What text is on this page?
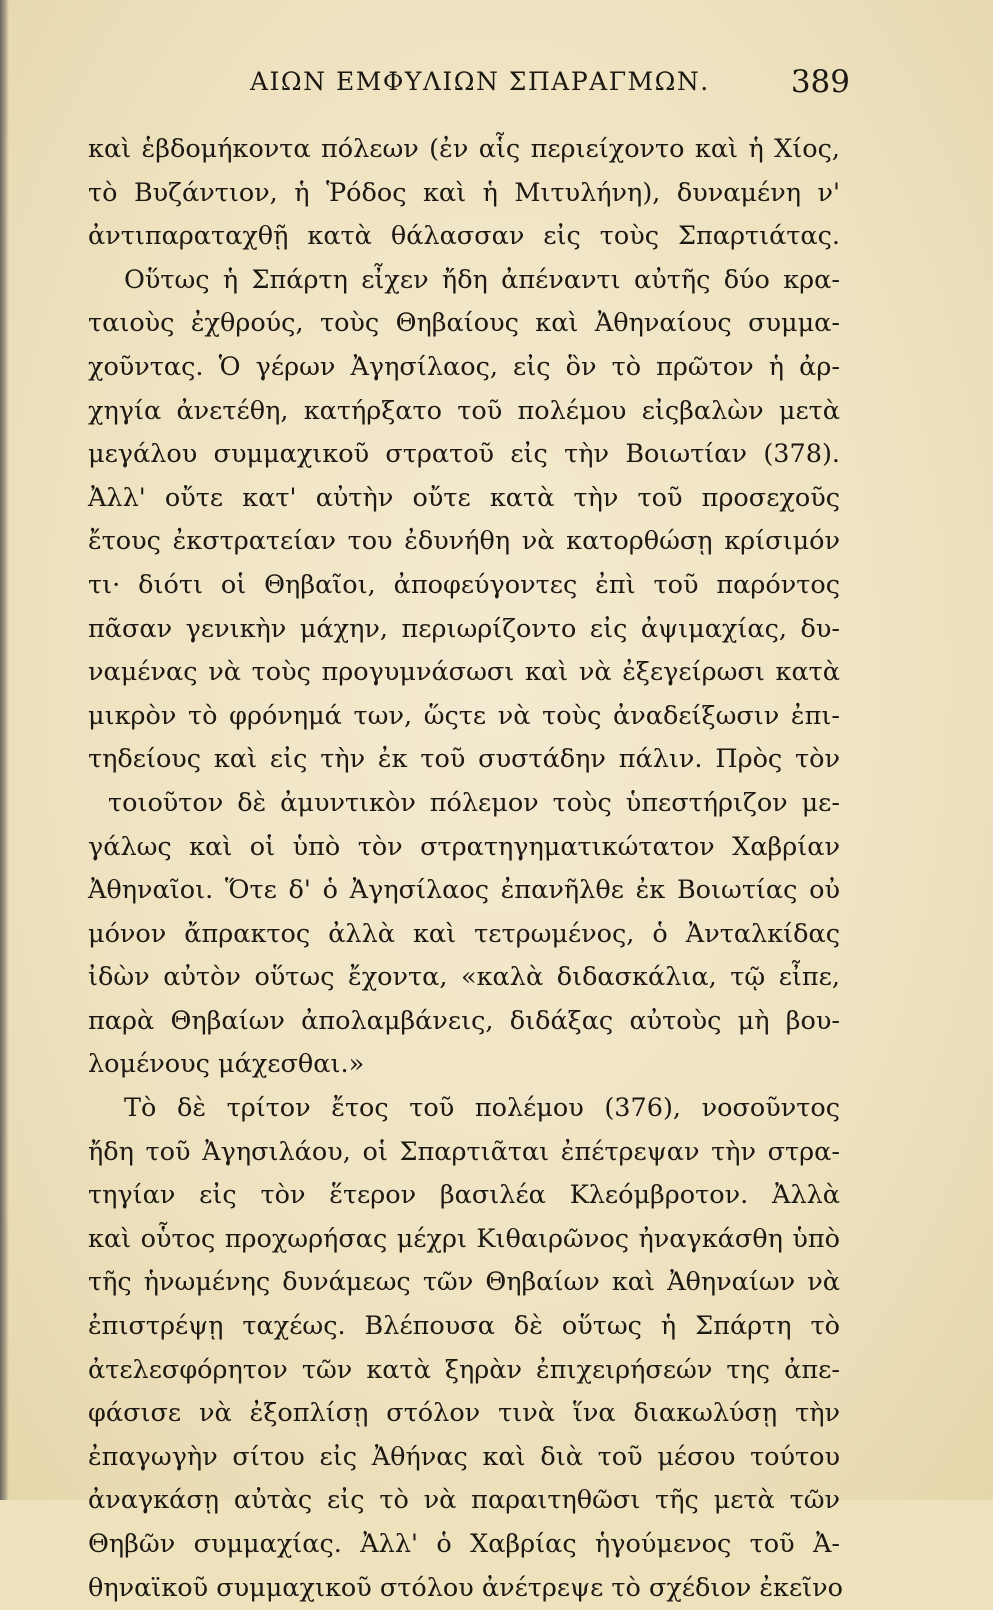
ΑΙΩΝ ΕΜΦΥΛΙΩΝ ΣΠΑΡΑΓΜΩΝ.	389
καὶ ἑβδομήκοντα πόλεων (ἐν αἷς περιείχοντο καὶ ἡ Χίος,
τὸ Βυζάντιον, ἡ Ῥόδος καὶ ἡ Μιτυλήνη), δυναμένη ν'
ἀντιπαραταχθῇ κατὰ θάλασσαν εἰς τοὺς Σπαρτιάτας.
Οὕτως ἡ Σπάρτη εἶχεν ἤδη ἀπέναντι αὐτῆς δύο κρα-
ταιοὺς ἐχθρούς, τοὺς Θηβαίους καὶ Ἀθηναίους συμμα-
χοῦντας. Ὁ γέρων Ἀγησίλαος, εἰς ὃν τὸ πρῶτον ἡ ἀρ-
χηγία ἀνετέθη, κατήρξατο τοῦ πολέμου εἰςβαλὼν μετὰ
μεγάλου συμμαχικοῦ στρατοῦ εἰς τὴν Βοιωτίαν (378).
Ἀλλ' οὔτε κατ' αὐτὴν οὔτε κατὰ τὴν τοῦ προσεχοῦς
ἔτους ἐκστρατείαν του ἐδυνήθη νὰ κατορθώσῃ κρίσιμόν
τι· διότι οἱ Θηβαῖοι, ἀποφεύγοντες ἐπὶ τοῦ παρόντος
πᾶσαν γενικὴν μάχην, περιωρίζοντο εἰς ἀψιμαχίας, δυ-
ναμένας νὰ τοὺς προγυμνάσωσι καὶ νὰ ἐξεγείρωσι κατὰ
μικρὸν τὸ φρόνημά των, ὥςτε νὰ τοὺς ἀναδείξωσιν ἐπι-
τηδείους καὶ εἰς τὴν ἐκ τοῦ συστάδην πάλιν. Πρὸς τὸν
τοιοῦτον δὲ ἀμυντικὸν πόλεμον τοὺς ὑπεστήριζον με-
γάλως καὶ οἱ ὑπὸ τὸν στρατηγηματικώτατον Χαβρίαν
Ἀθηναῖοι. Ὅτε δ' ὁ Ἀγησίλαος ἐπανῆλθε ἐκ Βοιωτίας οὐ
μόνον ἄπρακτος ἀλλὰ καὶ τετρωμένος, ὁ Ἀνταλκίδας
ἰδὼν αὐτὸν οὕτως ἔχοντα, «καλὰ διδασκάλια, τῷ εἶπε,
παρὰ Θηβαίων ἀπολαμβάνεις, διδάξας αὐτοὺς μὴ βου-
λομένους μάχεσθαι.»
Τὸ δὲ τρίτον ἔτος τοῦ πολέμου (376), νοσοῦντος
ἤδη τοῦ Ἀγησιλάου, οἱ Σπαρτιᾶται ἐπέτρεψαν τὴν στρα-
τηγίαν εἰς τὸν ἕτερον βασιλέα Κλεόμβροτον. Ἀλλὰ
καὶ οὗτος προχωρήσας μέχρι Κιθαιρῶνος ἠναγκάσθη ὑπὸ
τῆς ἡνωμένης δυνάμεως τῶν Θηβαίων καὶ Ἀθηναίων νὰ
ἐπιστρέψῃ ταχέως. Βλέπουσα δὲ οὕτως ἡ Σπάρτη τὸ
ἀτελεσφόρητον τῶν κατὰ ξηρὰν ἐπιχειρήσεών της ἀπε-
φάσισε νὰ ἐξοπλίσῃ στόλον τινὰ ἵνα διακωλύσῃ τὴν
ἐπαγωγὴν σίτου εἰς Ἀθήνας καὶ διὰ τοῦ μέσου τούτου
ἀναγκάσῃ αὐτὰς εἰς τὸ νὰ παραιτηθῶσι τῆς μετὰ τῶν
Θηβῶν συμμαχίας. Ἀλλ' ὁ Χαβρίας ἡγούμενος τοῦ Ἀ-
θηναϊκοῦ συμμαχικοῦ στόλου ἀνέτρεψε τὸ σχέδιον ἐκεῖνο
